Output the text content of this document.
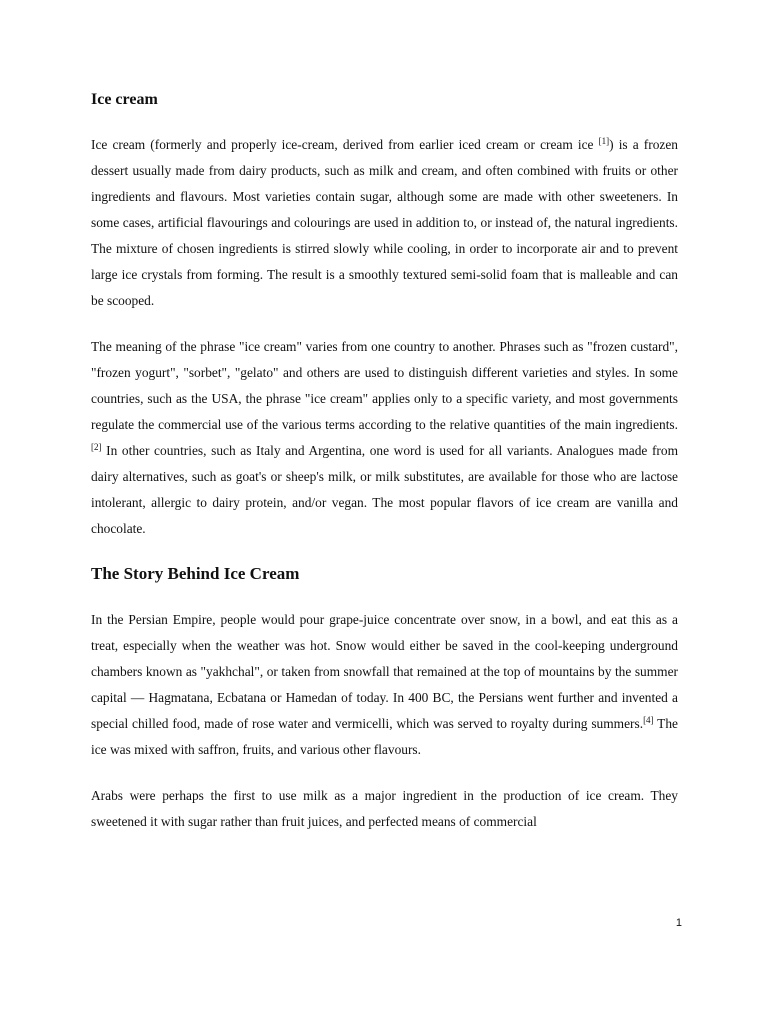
Ice cream

Ice cream (formerly and properly ice-cream, derived from earlier iced cream or cream ice [1]) is a frozen dessert usually made from dairy products, such as milk and cream, and often combined with fruits or other ingredients and flavours. Most varieties contain sugar, although some are made with other sweeteners. In some cases, artificial flavourings and colourings are used in addition to, or instead of, the natural ingredients. The mixture of chosen ingredients is stirred slowly while cooling, in order to incorporate air and to prevent large ice crystals from forming. The result is a smoothly textured semi-solid foam that is malleable and can be scooped.

The meaning of the phrase "ice cream" varies from one country to another. Phrases such as "frozen custard", "frozen yogurt", "sorbet", "gelato" and others are used to distinguish different varieties and styles. In some countries, such as the USA, the phrase "ice cream" applies only to a specific variety, and most governments regulate the commercial use of the various terms according to the relative quantities of the main ingredients.[2] In other countries, such as Italy and Argentina, one word is used for all variants. Analogues made from dairy alternatives, such as goat's or sheep's milk, or milk substitutes, are available for those who are lactose intolerant, allergic to dairy protein, and/or vegan. The most popular flavors of ice cream are vanilla and chocolate.

The Story Behind Ice Cream

In the Persian Empire, people would pour grape-juice concentrate over snow, in a bowl, and eat this as a treat, especially when the weather was hot. Snow would either be saved in the cool-keeping underground chambers known as "yakhchal", or taken from snowfall that remained at the top of mountains by the summer capital — Hagmatana, Ecbatana or Hamedan of today. In 400 BC, the Persians went further and invented a special chilled food, made of rose water and vermicelli, which was served to royalty during summers.[4] The ice was mixed with saffron, fruits, and various other flavours.

Arabs were perhaps the first to use milk as a major ingredient in the production of ice cream. They sweetened it with sugar rather than fruit juices, and perfected means of commercial

1
